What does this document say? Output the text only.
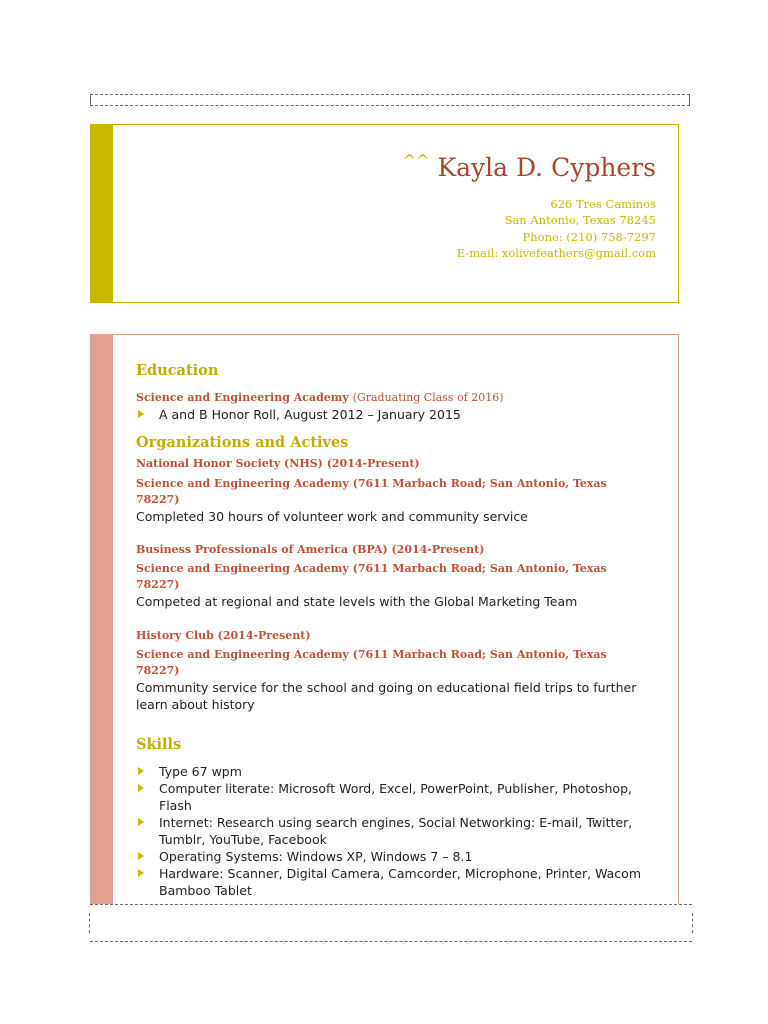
^^ Kayla D. Cyphers
626 Tres Caminos
San Antonio, Texas 78245
Phone: (210) 758-7297
E-mail: xolivefeathers@gmail.com
Education

Science and Engineering Academy (Graduating Class of 2016)

A and B Honor Roll, August 2012 – January 2015
Organizations and Actives

National Honor Society (NHS) (2014-Present)

Science and Engineering Academy (7611 Marbach Road; San Antonio, Texas 78227)

Completed 30 hours of volunteer work and community service

Business Professionals of America (BPA) (2014-Present)

Science and Engineering Academy (7611 Marbach Road; San Antonio, Texas 78227)

Competed at regional and state levels with the Global Marketing Team

History Club (2014-Present)

Science and Engineering Academy (7611 Marbach Road; San Antonio, Texas 78227)

Community service for the school and going on educational field trips to further learn about history

Skills
Type 67 wpm
Computer literate: Microsoft Word, Excel, PowerPoint, Publisher, Photoshop, Flash
Internet: Research using search engines, Social Networking: E-mail, Twitter, Tumblr, YouTube, Facebook
Operating Systems: Windows XP, Windows 7 – 8.1
Hardware: Scanner, Digital Camera, Camcorder, Microphone, Printer, Wacom Bamboo Tablet
